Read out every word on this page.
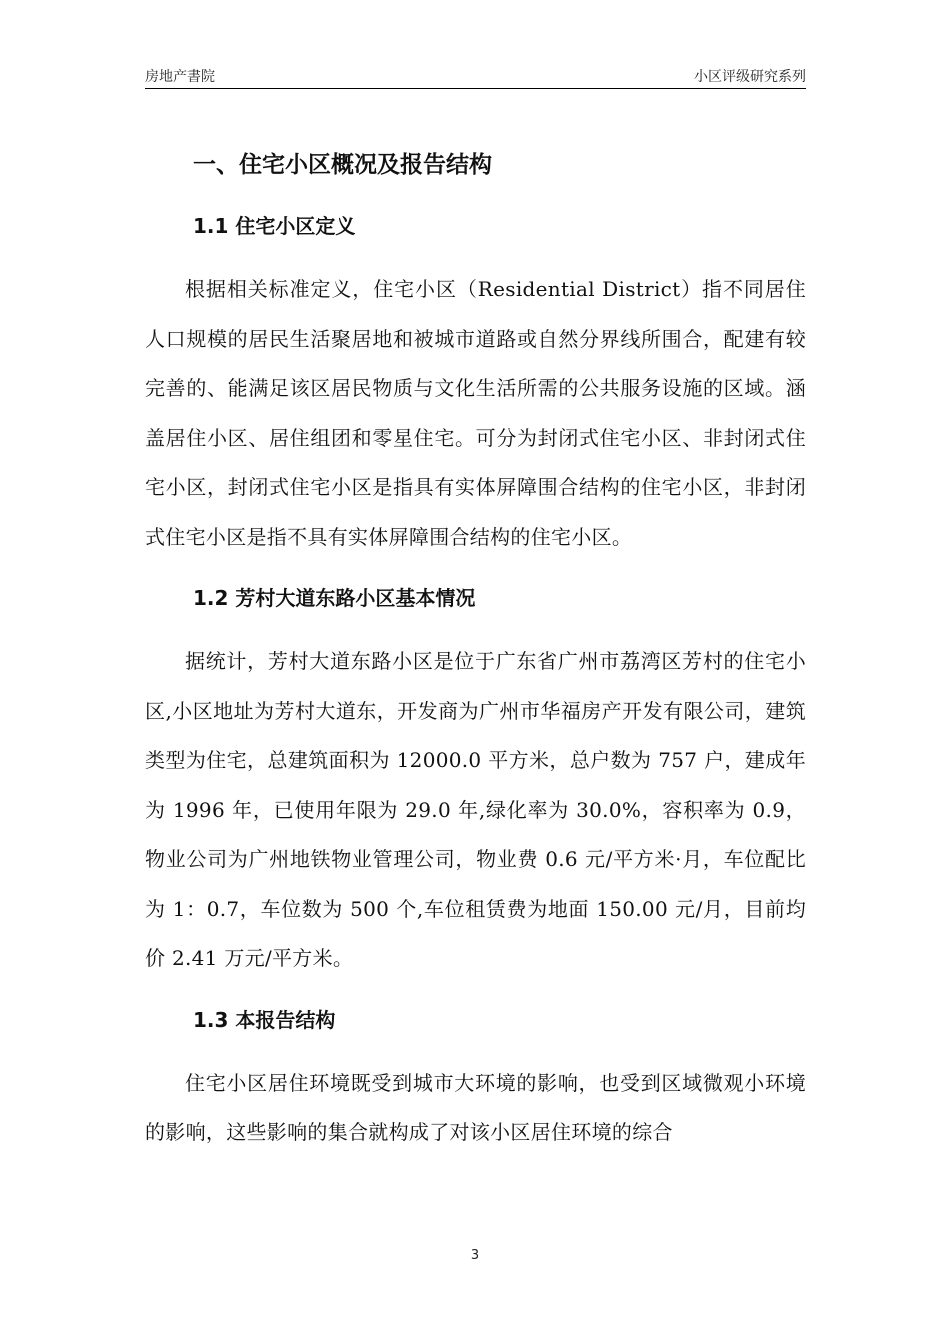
房地产書院	小区评级研究系列
一、住宅小区概况及报告结构
1.1 住宅小区定义

根据相关标准定义，住宅小区（Residential District）指不同居住人口规模的居民生活聚居地和被城市道路或自然分界线所围合，配建有较完善的、能满足该区居民物质与文化生活所需的公共服务设施的区域。涵盖居住小区、居住组团和零星住宅。可分为封闭式住宅小区、非封闭式住宅小区，封闭式住宅小区是指具有实体屏障围合结构的住宅小区，非封闭式住宅小区是指不具有实体屏障围合结构的住宅小区。

1.2 芳村大道东路小区基本情况

据统计，芳村大道东路小区是位于广东省广州市荔湾区芳村的住宅小区,小区地址为芳村大道东，开发商为广州市华福房产开发有限公司，建筑类型为住宅，总建筑面积为 12000.0 平方米，总户数为 757 户，建成年为 1996 年，已使用年限为 29.0 年,绿化率为 30.0%，容积率为 0.9，物业公司为广州地铁物业管理公司，物业费 0.6 元/平方米·月，车位配比为 1：0.7，车位数为 500 个,车位租赁费为地面 150.00 元/月，目前均价 2.41 万元/平方米。

1.3 本报告结构

住宅小区居住环境既受到城市大环境的影响，也受到区域微观小环境的影响，这些影响的集合就构成了对该小区居住环境的综合

3
